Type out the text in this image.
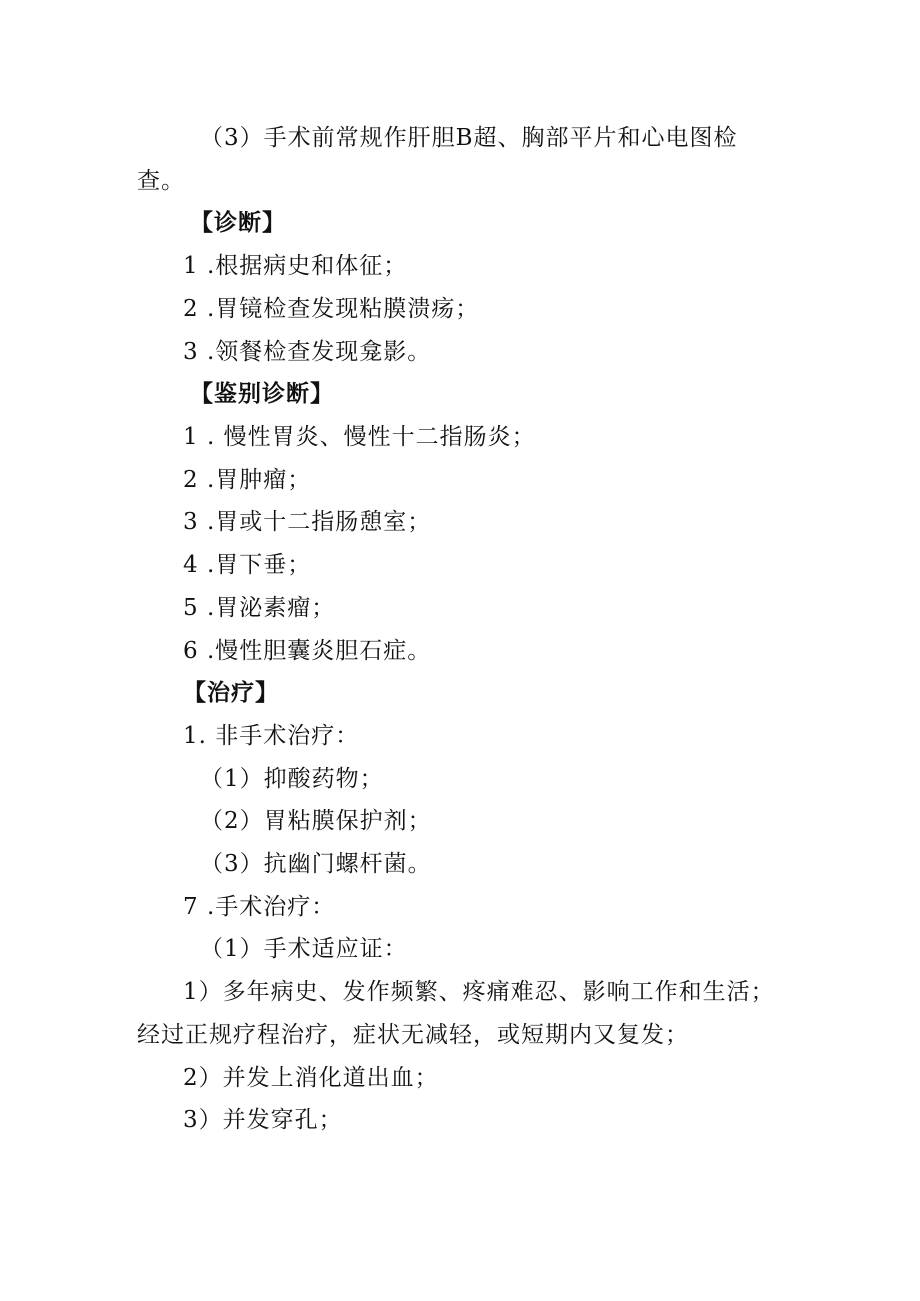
（3）手术前常规作肝胆B超、胸部平片和心电图检
查。
【诊断】
1 .根据病史和体征；
2 .胃镜检查发现粘膜溃疡；
3 .领餐检查发现龛影。
【鉴别诊断】
1 . 慢性胃炎、慢性十二指肠炎；
2 .胃肿瘤；
3 .胃或十二指肠憩室；
4 .胃下垂；
5 .胃泌素瘤；
6 .慢性胆囊炎胆石症。
【治疗】
1. 非手术治疗：
（1）抑酸药物；
（2）胃粘膜保护剂；
（3）抗幽门螺杆菌。
7 .手术治疗：
（1）手术适应证：
1）多年病史、发作频繁、疼痛难忍、影响工作和生活；
经过正规疗程治疗，症状无减轻，或短期内又复发；
2）并发上消化道出血；
3）并发穿孔；
